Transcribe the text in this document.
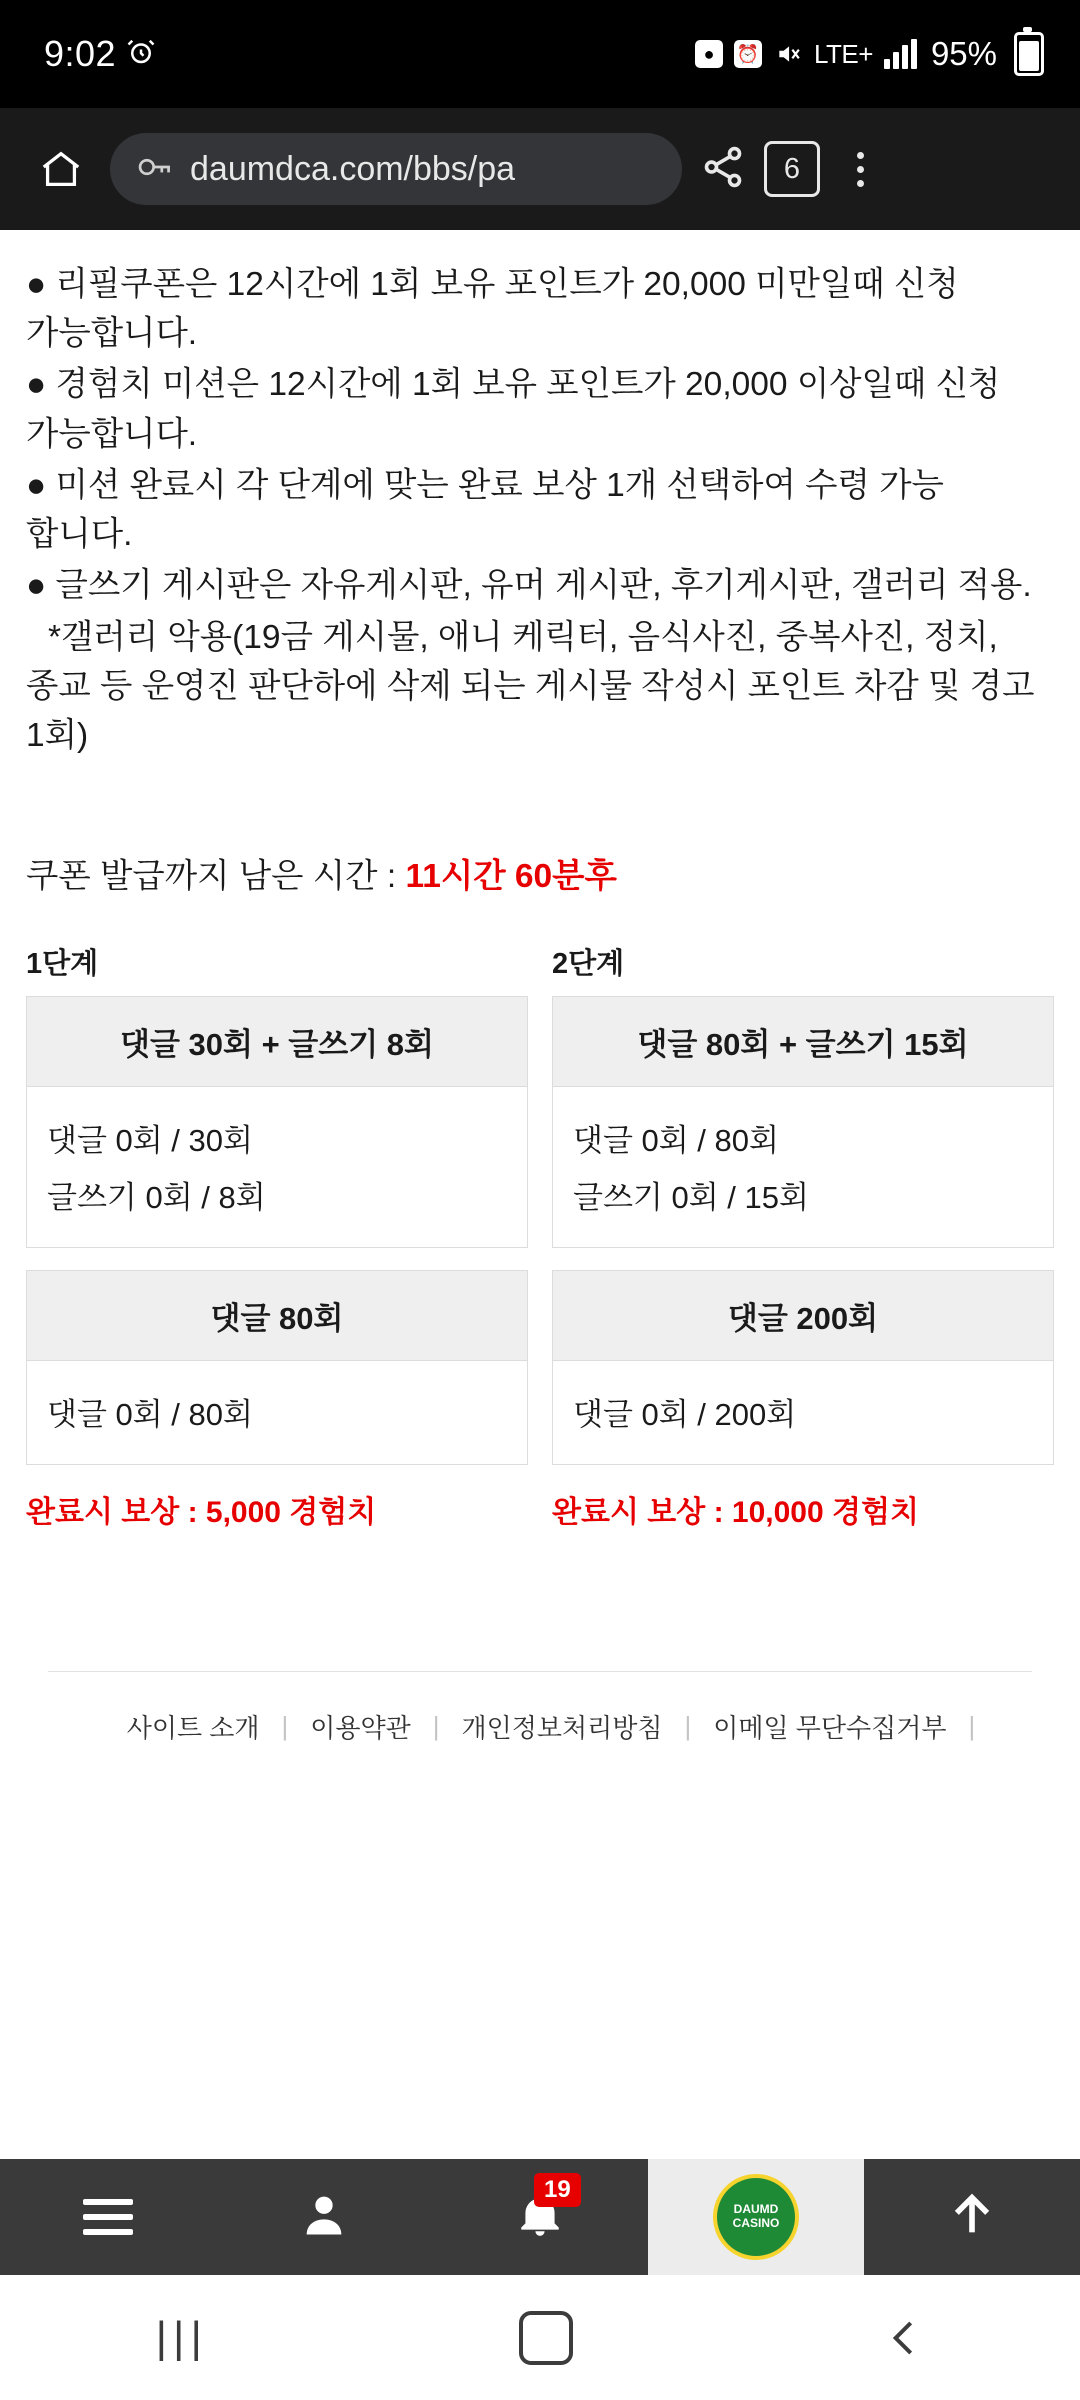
9:02	●	⏰ LTE+ 95%
daumdca.com/bbs/pa	6

● 리필쿠폰은 12시간에 1회 보유 포인트가 20,000 미만일때 신청 가능합니다.

● 경험치 미션은 12시간에 1회 보유 포인트가 20,000 이상일때 신청 가능합니다.

● 미션 완료시 각 단계에 맞는 완료 보상 1개 선택하여 수령 가능 합니다.

● 글쓰기 게시판은 자유게시판, 유머 게시판, 후기게시판, 갤러리 적용.

*갤러리 악용(19금 게시물, 애니 케릭터, 음식사진, 중복사진, 정치, 종교 등 운영진 판단하에 삭제 되는 게시물 작성시 포인트 차감 및 경고 1회)

쿠폰 발급까지 남은 시간 : 11시간 60분후
1단계
댓글 30회 + 글쓰기 8회
댓글 0회 / 30회
글쓰기 0회 / 8회
댓글 80회
댓글 0회 / 80회
완료시 보상 : 5,000 경험치
2단계
댓글 80회 + 글쓰기 15회
댓글 0회 / 80회
글쓰기 0회 / 15회
댓글 200회
댓글 0회 / 200회
완료시 보상 : 10,000 경험치
사이트 소개 | 이용약관 | 개인정보처리방침 | 이메일 무단수집거부 |
19
DAUMD
CASINO
|||
